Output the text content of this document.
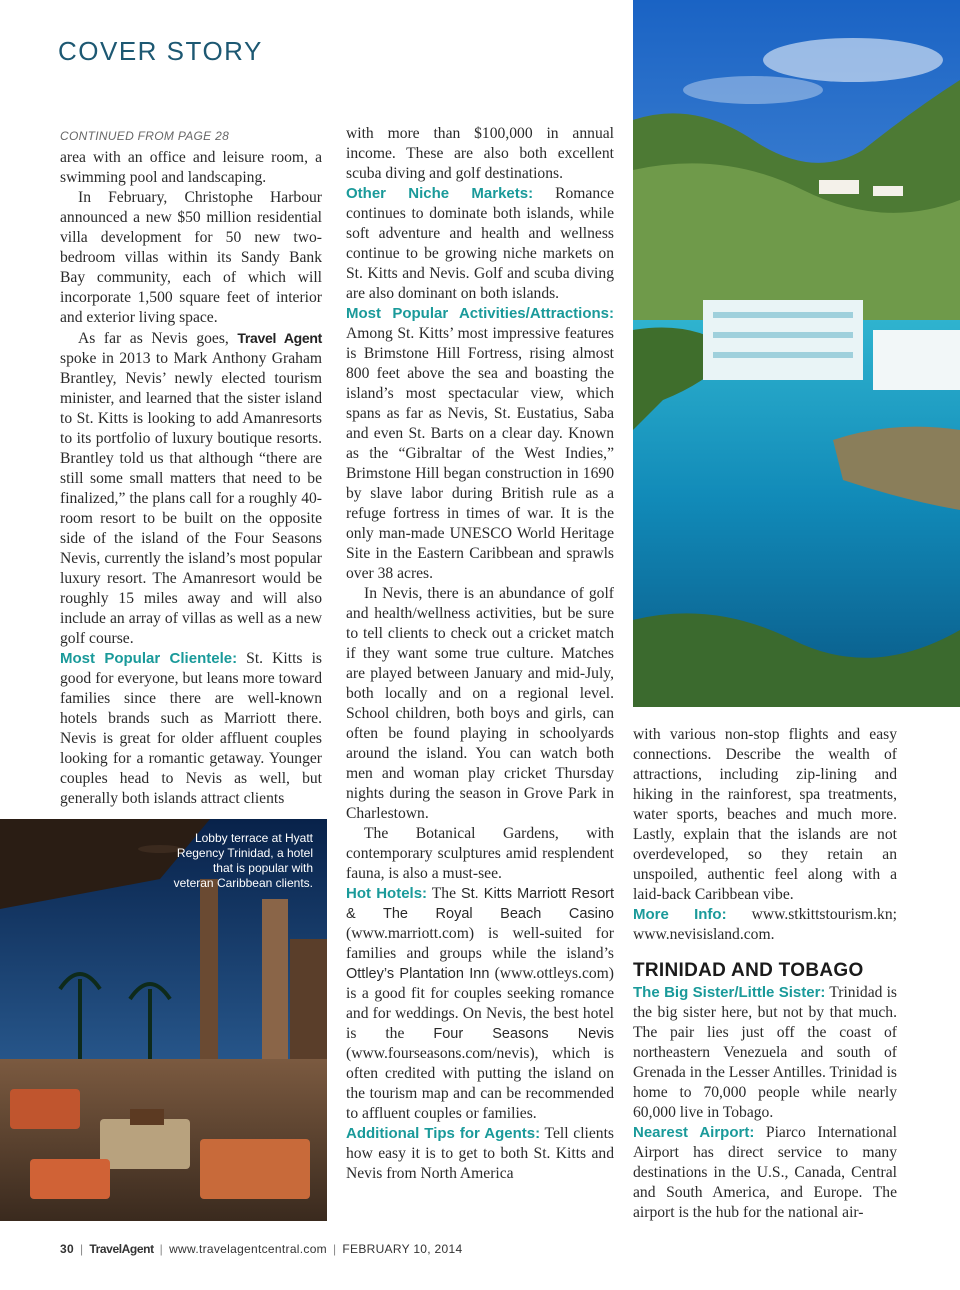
COVER STORY
CONTINUED FROM PAGE 28

area with an office and leisure room, a swimming pool and landscaping.

In February, Christophe Harbour announced a new $50 million residential villa development for 50 new two-bedroom villas within its Sandy Bank Bay community, each of which will incorporate 1,500 square feet of interior and exterior living space.

As far as Nevis goes, Travel Agent spoke in 2013 to Mark Anthony Graham Brantley, Nevis’ newly elected tourism minister, and learned that the sister island to St. Kitts is looking to add Amanresorts to its portfolio of luxury boutique resorts. Brantley told us that although “there are still some small matters that need to be finalized,” the plans call for a roughly 40-room resort to be built on the opposite side of the island of the Four Seasons Nevis, currently the island’s most popular luxury resort. The Amanresort would be roughly 15 miles away and will also include an array of villas as well as a new golf course.

Most Popular Clientele: St. Kitts is good for everyone, but leans more toward families since there are well-known hotels brands such as Marriott there. Nevis is great for older affluent couples looking for a romantic getaway. Younger couples head to Nevis as well, but generally both islands attract clients

with more than $100,000 in annual income. These are also both excellent scuba diving and golf destinations.

Other Niche Markets: Romance continues to dominate both islands, while soft adventure and health and wellness continue to be growing niche markets on St. Kitts and Nevis. Golf and scuba diving are also dominant on both islands.

Most Popular Activities/Attractions: Among St. Kitts’ most impressive features is Brimstone Hill Fortress, rising almost 800 feet above the sea and boasting the island’s most spectacular view, which spans as far as Nevis, St. Eustatius, Saba and even St. Barts on a clear day. Known as the “Gibraltar of the West Indies,” Brimstone Hill began construction in 1690 by slave labor during British rule as a refuge fortress in times of war. It is the only man-made UNESCO World Heritage Site in the Eastern Caribbean and sprawls over 38 acres.

In Nevis, there is an abundance of golf and health/wellness activities, but be sure to tell clients to check out a cricket match if they want some true culture. Matches are played between January and mid-July, both locally and on a regional level. School children, both boys and girls, can often be found playing in schoolyards around the island. You can watch both men and woman play cricket Thursday nights during the season in Grove Park in Charlestown.

The Botanical Gardens, with contemporary sculptures amid resplendent fauna, is also a must-see.

Hot Hotels: The St. Kitts Marriott Resort & The Royal Beach Casino (www.marriott.com) is well-suited for families and groups while the island’s Ottley’s Plantation Inn (www.ottleys.com) is a good fit for couples seeking romance and for weddings. On Nevis, the best hotel is the Four Seasons Nevis (www.fourseasons.com/nevis), which is often credited with putting the island on the tourism map and can be recommended to affluent couples or families.

Additional Tips for Agents: Tell clients how easy it is to get to both St. Kitts and Nevis from North America

with various non-stop flights and easy connections. Describe the wealth of attractions, including zip-lining and hiking in the rainforest, spa treatments, water sports, beaches and much more. Lastly, explain that the islands are not overdeveloped, so they retain an unspoiled, authentic feel along with a laid-back Caribbean vibe.

More Info: www.stkittstourism.kn; www.nevisisland.com.

TRINIDAD AND TOBAGO

The Big Sister/Little Sister: Trinidad is the big sister here, but not by that much. The pair lies just off the coast of northeastern Venezuela and south of Grenada in the Lesser Antilles. Trinidad is home to 70,000 people while nearly 60,000 live in Tobago.

Nearest Airport: Piarco International Airport has direct service to many destinations in the U.S., Canada, Central and South America, and Europe. The airport is the hub for the national air-

Lobby terrace at Hyatt Regency Trinidad, a hotel that is popular with veteran Caribbean clients.

30 | TravelAgent | www.travelagentcentral.com | FEBRUARY 10, 2014
